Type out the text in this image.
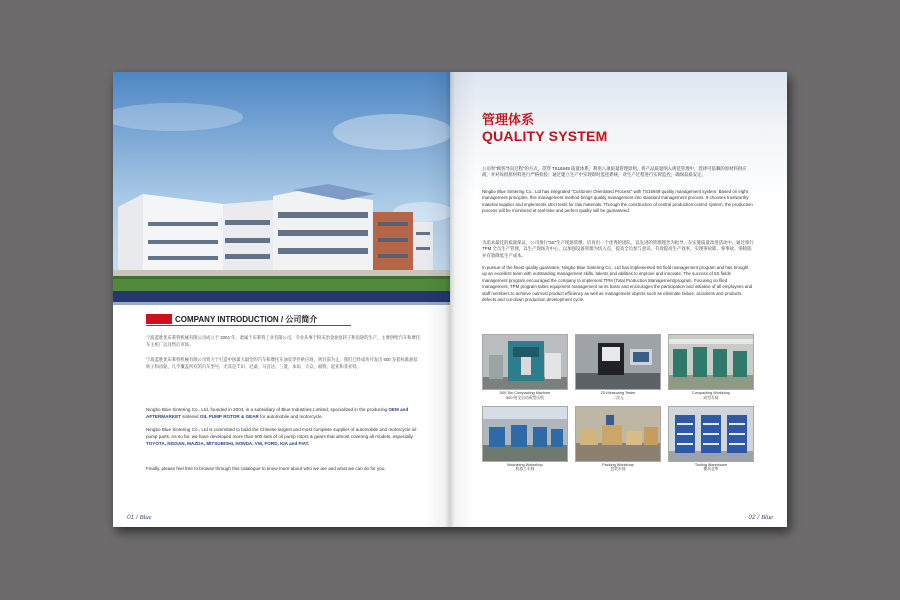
COMPANY INTRODUCTION / 公司简介
宁波蓝胜优布莱特机械有限公司成立于 2004 年，隶属于布莱特工业有限公司，专业从事于粉末冶金油泵转子和齿轮的生产，主要供给汽车和摩托车主机厂以及售后市场。
宁波蓝胜优布莱特机械有限公司致力于打造中国最大最全的汽车和摩托车油泵零件供应商，到目前为止，我们已经成功开发出 600 多套标准油泵转子和齿轮，几乎覆盖所有的汽车型号，尤其是丰田、尼桑、马自达、三菱、本田、大众、福特、起亚和菲亚特。
Ningbo Blue Sintering Co., Ltd, founded in 2004, is a subsidiary of Blue Industries Limited; specialized in the producing OEM and AFTERMARKET sintered OIL PUMP ROTOR & GEAR for automobile and motorcycle.
Ningbo Blue Sintering Co., Ltd is committed to build the Chinese largest and most complete supplier of automobile and motorcycle oil pump parts. As so far, we have developed more than 600 sets of oil pump rotors & gears that almost covering all models, especially TOYOTA, NISSAN, MAZDA, MITSUBISHI, HONDA, VW, FORD, KIA and FIAT.
Finally, please feel free to browse through this catalogue to know more about who we are and what we can do for you.
01 / Blue
管理体系
QUALITY SYSTEM
公司奉“顾客导向过程”的方式，贯穿 TS16949 质量体系，利用八项质量管理原则，将产品质量纳入规范管理中，选择可依赖的原材料供应商，并对每批原材料进行严格检验；通过建立生产中实现即时监控系统，对生产过程进行实时监控，确保品质安定。
Ningbo Blue Sintering Co., Ltd has integrated "Customer Orientated Process" with TS16949 quality management system. Based on eight management principles, this management method brings quality management into standard management process. It chooses trustworthy material supplier and implements strict tests for raw materials. Through the construction of central production control system, the production process will be monitored at real-time and perfect quality will be guaranteed.
为追求最佳的质量保证，公司推行“5S”生产现场管理，培育出一个优秀的团队，以先进的管理理念为指导，在实施质量改进活动中，通过推行 TPM 全员生产管理，以生产现场为中心，以加强设备管理为切入点，提高全员参与意识，有效提高生产效率，实现零故障、零事故、零缺陷并有效降低生产成本。
In pursue of the finest quality guarantee, Ningbo Blue Sintering Co., Ltd has implemented 5S field management program and has brought up an excellent team with outstanding management skills, talents and abilities to improve and innovate. The success of 5S fields management program encouraged the company to implement TPM (Total Production Management)program. Focusing on filed management, TPM program takes equipment management as its basis and encourages the participation and initiative of all employees and staff members to achieve outmost product efficiency as well as management objects such as eliminate failure, accidents and products defects and cut-down production development cycle.
500 Ton Compacting Machine
500 吨全自动成型压机
2D Measuring Tester
二次元
Compacting Workshop
成型车间
Machining Workshop
机加工车间
Packing Workshop
包装车间
Tooling Warehouse
模具仓库
02 / Blue
